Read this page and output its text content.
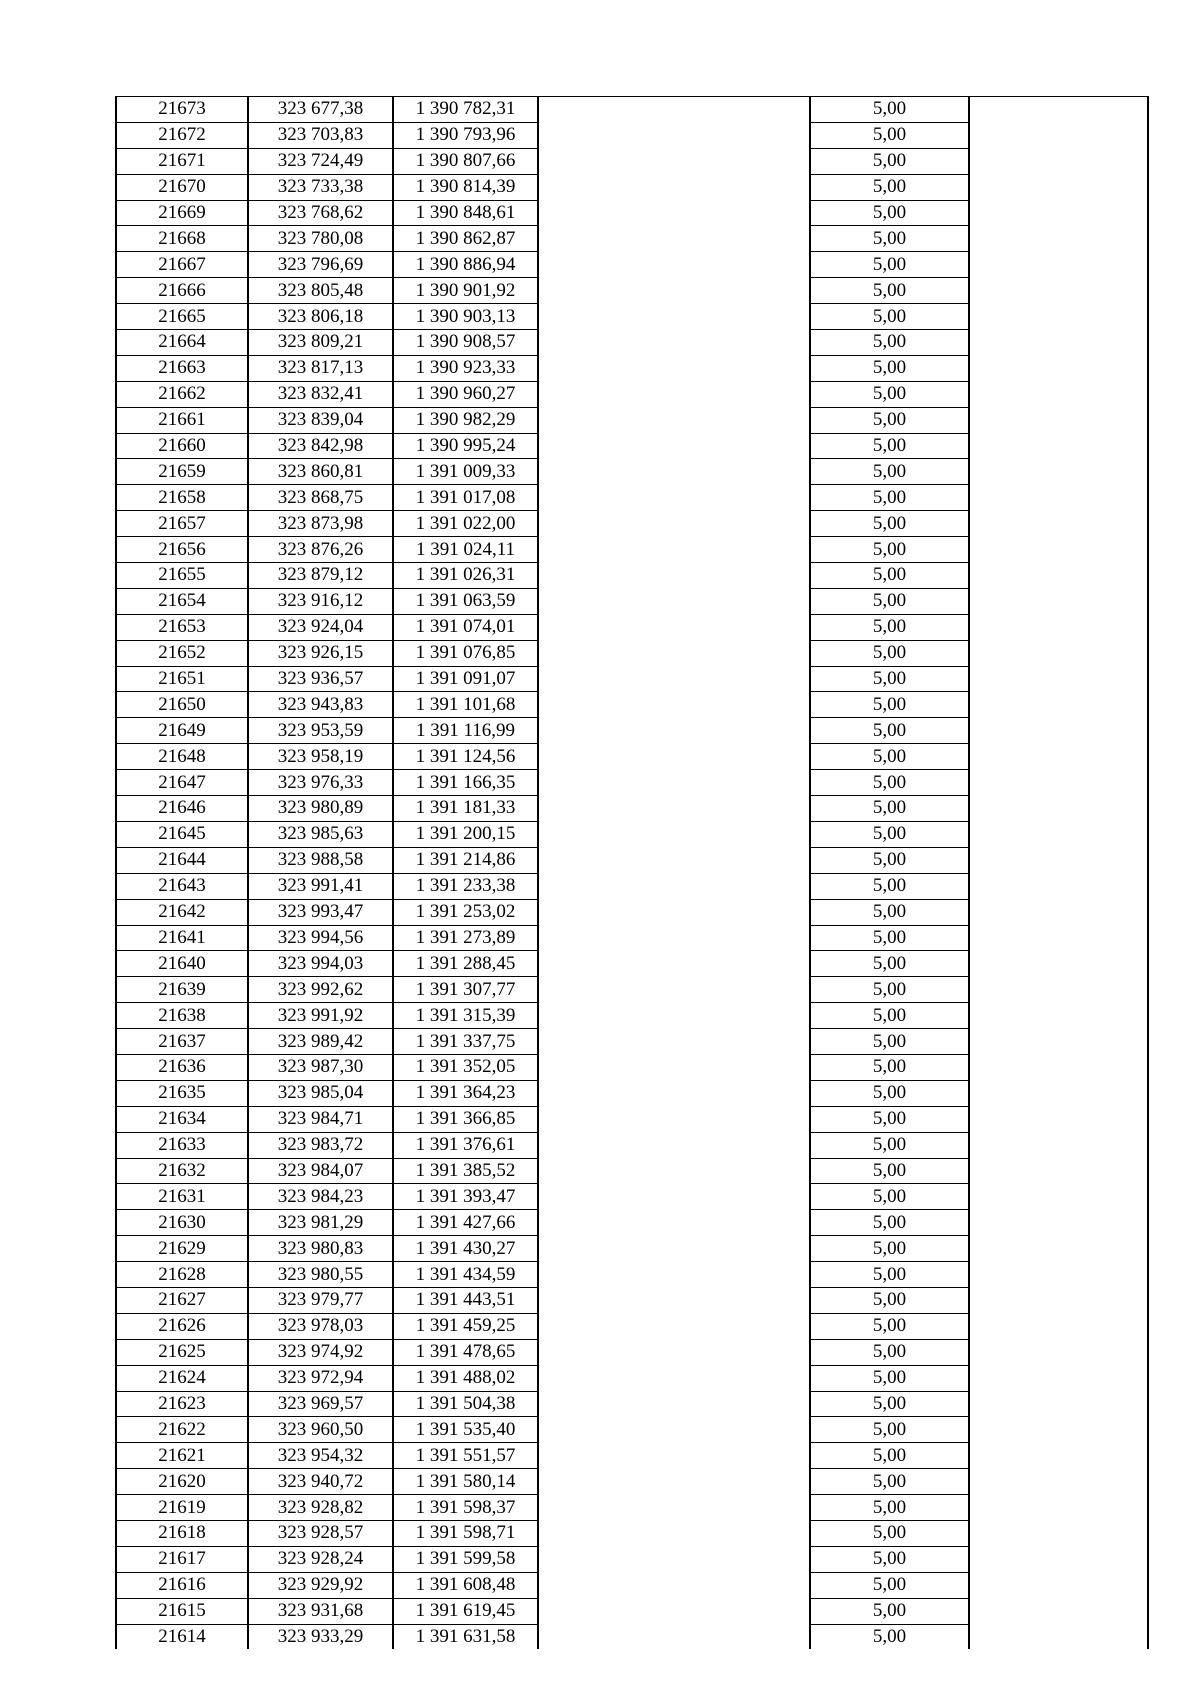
21673	323 677,38	1 390 782,31		5,00	
21672	323 703,83	1 390 793,96		5,00	
21671	323 724,49	1 390 807,66		5,00	
21670	323 733,38	1 390 814,39		5,00	
21669	323 768,62	1 390 848,61		5,00	
21668	323 780,08	1 390 862,87		5,00	
21667	323 796,69	1 390 886,94		5,00	
21666	323 805,48	1 390 901,92		5,00	
21665	323 806,18	1 390 903,13		5,00	
21664	323 809,21	1 390 908,57		5,00	
21663	323 817,13	1 390 923,33		5,00	
21662	323 832,41	1 390 960,27		5,00	
21661	323 839,04	1 390 982,29		5,00	
21660	323 842,98	1 390 995,24		5,00	
21659	323 860,81	1 391 009,33		5,00	
21658	323 868,75	1 391 017,08		5,00	
21657	323 873,98	1 391 022,00		5,00	
21656	323 876,26	1 391 024,11		5,00	
21655	323 879,12	1 391 026,31		5,00	
21654	323 916,12	1 391 063,59		5,00	
21653	323 924,04	1 391 074,01		5,00	
21652	323 926,15	1 391 076,85		5,00	
21651	323 936,57	1 391 091,07		5,00	
21650	323 943,83	1 391 101,68		5,00	
21649	323 953,59	1 391 116,99		5,00	
21648	323 958,19	1 391 124,56		5,00	
21647	323 976,33	1 391 166,35		5,00	
21646	323 980,89	1 391 181,33		5,00	
21645	323 985,63	1 391 200,15		5,00	
21644	323 988,58	1 391 214,86		5,00	
21643	323 991,41	1 391 233,38		5,00	
21642	323 993,47	1 391 253,02		5,00	
21641	323 994,56	1 391 273,89		5,00	
21640	323 994,03	1 391 288,45		5,00	
21639	323 992,62	1 391 307,77		5,00	
21638	323 991,92	1 391 315,39		5,00	
21637	323 989,42	1 391 337,75		5,00	
21636	323 987,30	1 391 352,05		5,00	
21635	323 985,04	1 391 364,23		5,00	
21634	323 984,71	1 391 366,85		5,00	
21633	323 983,72	1 391 376,61		5,00	
21632	323 984,07	1 391 385,52		5,00	
21631	323 984,23	1 391 393,47		5,00	
21630	323 981,29	1 391 427,66		5,00	
21629	323 980,83	1 391 430,27		5,00	
21628	323 980,55	1 391 434,59		5,00	
21627	323 979,77	1 391 443,51		5,00	
21626	323 978,03	1 391 459,25		5,00	
21625	323 974,92	1 391 478,65		5,00	
21624	323 972,94	1 391 488,02		5,00	
21623	323 969,57	1 391 504,38		5,00	
21622	323 960,50	1 391 535,40		5,00	
21621	323 954,32	1 391 551,57		5,00	
21620	323 940,72	1 391 580,14		5,00	
21619	323 928,82	1 391 598,37		5,00	
21618	323 928,57	1 391 598,71		5,00	
21617	323 928,24	1 391 599,58		5,00	
21616	323 929,92	1 391 608,48		5,00	
21615	323 931,68	1 391 619,45		5,00	
21614	323 933,29	1 391 631,58		5,00	
